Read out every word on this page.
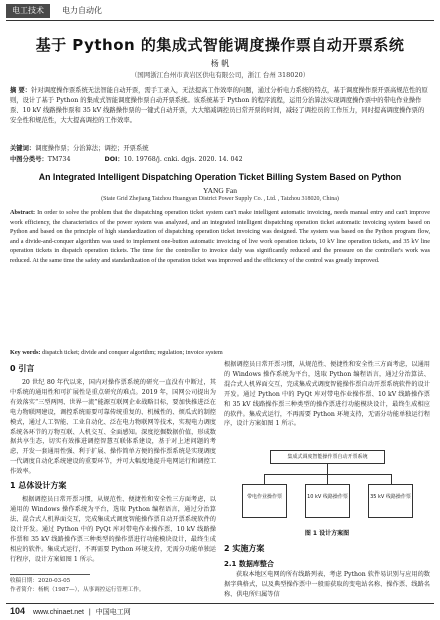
电工技术	电力自动化
基于 Python 的集成式智能调度操作票自动开票系统
杨 帆
（国网浙江台州市黄岩区供电有限公司，浙江 台州 318020）
摘 要：针对调度操作票系统无法智能自动开票，需手工录入，无法提高工作效率的问题，通过分析电力系统的特点，基于调度操作票开票高规范性的原则，设计了基于 Python 的集成式智能调度操作票自动开票系统。该系统基于 Python 的程序流程，运用分治算法实现调度操作票中的带电作业操作票、10 kV 线路操作票和 35 kV 线路操作票的一键式自动开票，大大缩减调控员日常开票的时间，减轻了调控员的工作压力，同时提高调度操作票的安全性和规范性，大大提高调控的工作效率。
关键词：调度操作票；分治算法；调控；开票系统
中图分类号：TM734	DOI：10. 19768/j. cnki. dgjs. 2020. 14. 042
An Integrated Intelligent Dispatching Operation Ticket Billing System Based on Python
YANG Fan
(State Grid Zhejiang Taizhou Huangyan District Power Supply Co. , Ltd. , Taizhou 318020, China)
Abstract: In order to solve the problem that the dispatching operation ticket system can't make intelligent automatic invoicing, needs manual entry and can't improve work efficiency, the characteristics of the power system was analyzed, and an integrated intelligent dispatching operation ticket automatic invoicing system based on Python and based on the principle of high standardization of dispatching operation ticket invoicing was designed. The system was based on the Python program flow, and a divide-and-conquer algorithm was used to implement one-button automatic invoicing of live work operation tickets, 10 kV line operation tickets, and 35 kV line operation tickets in dispatch operation tickets. The time for the controller to invoice daily was significantly reduced and the pressure on the controller's work was reduced. At the same time the safety and standardization of the operation ticket was improved and the efficiency of the control was greatly improved.
Key words: dispatch ticket; divide and conquer algorithm; regulation; invoice system
0 引言
20 世纪 80 年代以来，国内对操作票系统的研究一直没有中断过，其中系统的通用性和可扩展性是重点研究的难点。2019 年，国网公司提出为有效落实“三型两网、世界一流”能源互联网企业战略目标，要加快推进泛在电力物联网建设，调控系统需要可靠传统重复的、机械性的、烦瓜式的制控模式，通过人工智能、工业自动化、泛在电力物联网等技术，实现电力调度系统各环节的万物互联、人机交互、全面感知。深度挖掘数据价值，形成数据共享生态，切实有效推进调控智慧互联体系建设，基于对上述问题的考虑，开发一套通用性强、利于扩展、操作简单方便的操作票系统是实现调度一代调度自动化系统建设的重要环节，并可大幅度地提升电网运行和调控工作效率。
1 总体设计方案
根据调控员日常开票习惯，从规范性、便捷性和安全性三方面考虑，以通用的 Windows 操作系统为平台，选取 Python 编程语言，通过分治算法、混合式人机界面交互，完成集成式调度智能操作票自动开票系统软件的设计开发。通过 Python 中的 PyQt 库对带电作业操作票、10 kV 线路操作票和 35 kV 线路操作票三种类型的操作票进行功能模块设计，最终生成相应的软件。集成式运行，不再需要 Python 环境支持，无需分功能单独运行程序，设计方案如图 1 所示。
收稿日期：2020-03-05
作者简介：杨帆（1987—），从事调控运行管理工作。
根据调控员日常开票习惯，从规范性、便捷性和安全性三方面考虑，以通用的 Windows 操作系统为平台，选取 Python 编程语言，通过分治算法、混合式人机界面交互，完成集成式调度智能操作票自动开票系统软件的设计开发。通过 Python 中的 PyQt 库对带电作业操作票、10 kV 线路操作票和 35 kV 线路操作票三种类型的操作票进行功能模块设计，最终生成相应的软件。集成式运行，不再需要 Python 环境支持，无需分功能单独运行程序，设计方案如图 1 所示。
集成式调度智能操作票自动开票系统
带电作业操作票	10 kV 线路操作票	35 kV 线路操作票
图 1 设计方案图
2 实施方案
2.1 数据库整合
获取本地区电网的所有线路列表，考虑 Python 软件易识别与应用的数据字典格式，以及典型操作票中一般需获取的变电站名称、操作票、线路名称、供电所归属等信
104 www.chinaet.net | 中国电工网
